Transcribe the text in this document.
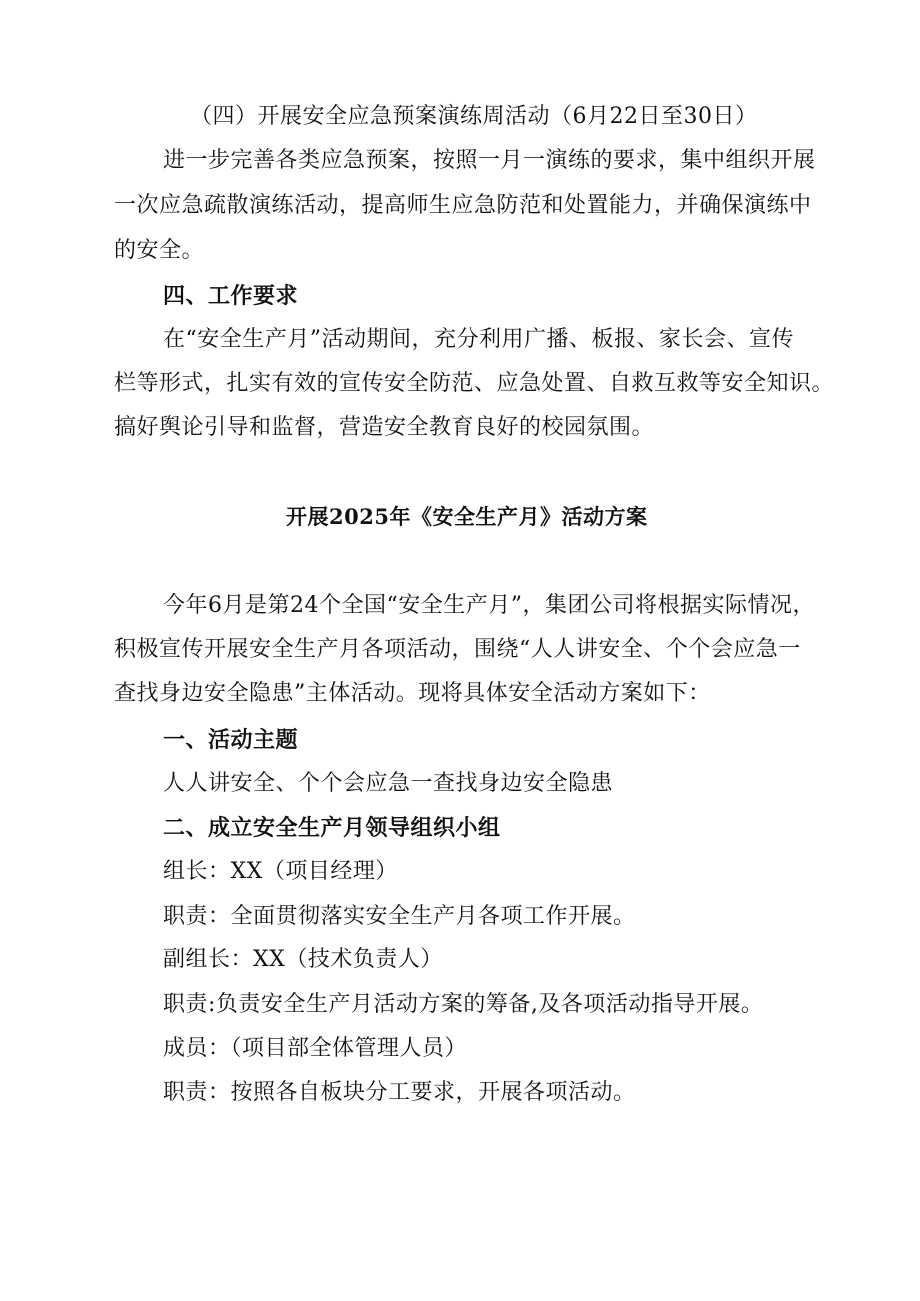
（四）开展安全应急预案演练周活动（6月22日至30日）
进一步完善各类应急预案，按照一月一演练的要求，集中组织开展
一次应急疏散演练活动，提高师生应急防范和处置能力，并确保演练中
的安全。
四、工作要求
在“安全生产月”活动期间，充分利用广播、板报、家长会、宣传
栏等形式，扎实有效的宣传安全防范、应急处置、自救互救等安全知识。
搞好舆论引导和监督，营造安全教育良好的校园氛围。
开展2025年《安全生产月》活动方案
今年6月是第24个全国“安全生产月”，集团公司将根据实际情况，
积极宣传开展安全生产月各项活动，围绕“人人讲安全、个个会应急一
查找身边安全隐患”主体活动。现将具体安全活动方案如下：
一、活动主题
人人讲安全、个个会应急一查找身边安全隐患
二、成立安全生产月领导组织小组
组长：XX（项目经理）
职责：全面贯彻落实安全生产月各项工作开展。
副组长：XX（技术负责人）
职责:负责安全生产月活动方案的筹备,及各项活动指导开展。
成员：（项目部全体管理人员）
职责：按照各自板块分工要求，开展各项活动。
